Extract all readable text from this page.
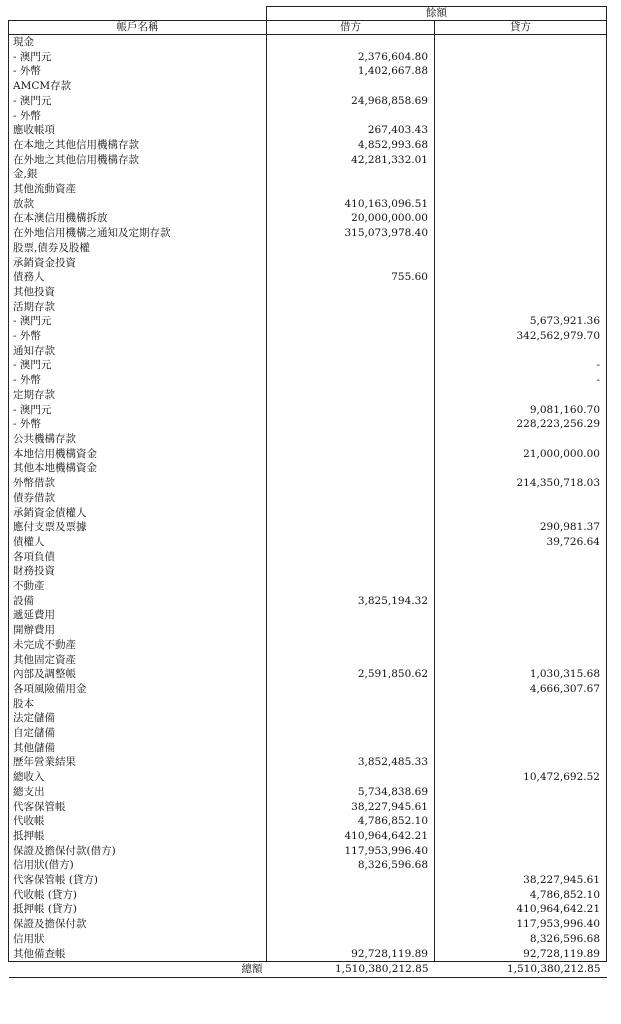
	餘額	
帳戶名稱	借方	貸方
現金		
- 澳門元	2,376,604.80	
- 外幣	1,402,667.88	
AMCM存款		
- 澳門元	24,968,858.69	
- 外幣		
應收帳項	267,403.43	
在本地之其他信用機構存款	4,852,993.68	
在外地之其他信用機構存款	42,281,332.01	
金,銀		
其他流動資產		
放款	410,163,096.51	
在本澳信用機構拆放	20,000,000.00	
在外地信用機構之通知及定期存款	315,073,978.40	
股票,債券及股權		
承銷資金投資		
債務人	755.60	
其他投資		
活期存款		
- 澳門元		5,673,921.36
- 外幣		342,562,979.70
通知存款		
- 澳門元		-
- 外幣		-
定期存款		
- 澳門元		9,081,160.70
- 外幣		228,223,256.29
公共機構存款		
本地信用機構資金		21,000,000.00
其他本地機構資金		
外幣借款		214,350,718.03
債券借款		
承銷資金債權人		
應付支票及票據		290,981.37
債權人		39,726.64
各項負債		
財務投資		
不動產		
設備	3,825,194.32	
遞延費用		
開辦費用		
未完成不動產		
其他固定資產		
內部及調整帳	2,591,850.62	1,030,315.68
各項風險備用金		4,666,307.67
股本		
法定儲備		
自定儲備		
其他儲備		
歷年營業結果	3,852,485.33	
總收入		10,472,692.52
總支出	5,734,838.69	
代客保管帳	38,227,945.61	
代收帳	4,786,852.10	
抵押帳	410,964,642.21	
保證及擔保付款(借方)	117,953,996.40	
信用狀(借方)	8,326,596.68	
代客保管帳 (貸方)		38,227,945.61
代收帳 (貸方)		4,786,852.10
抵押帳 (貸方)		410,964,642.21
保證及擔保付款		117,953,996.40
信用狀		8,326,596.68
其他備查帳	92,728,119.89	92,728,119.89
總額	1,510,380,212.85	1,510,380,212.85
